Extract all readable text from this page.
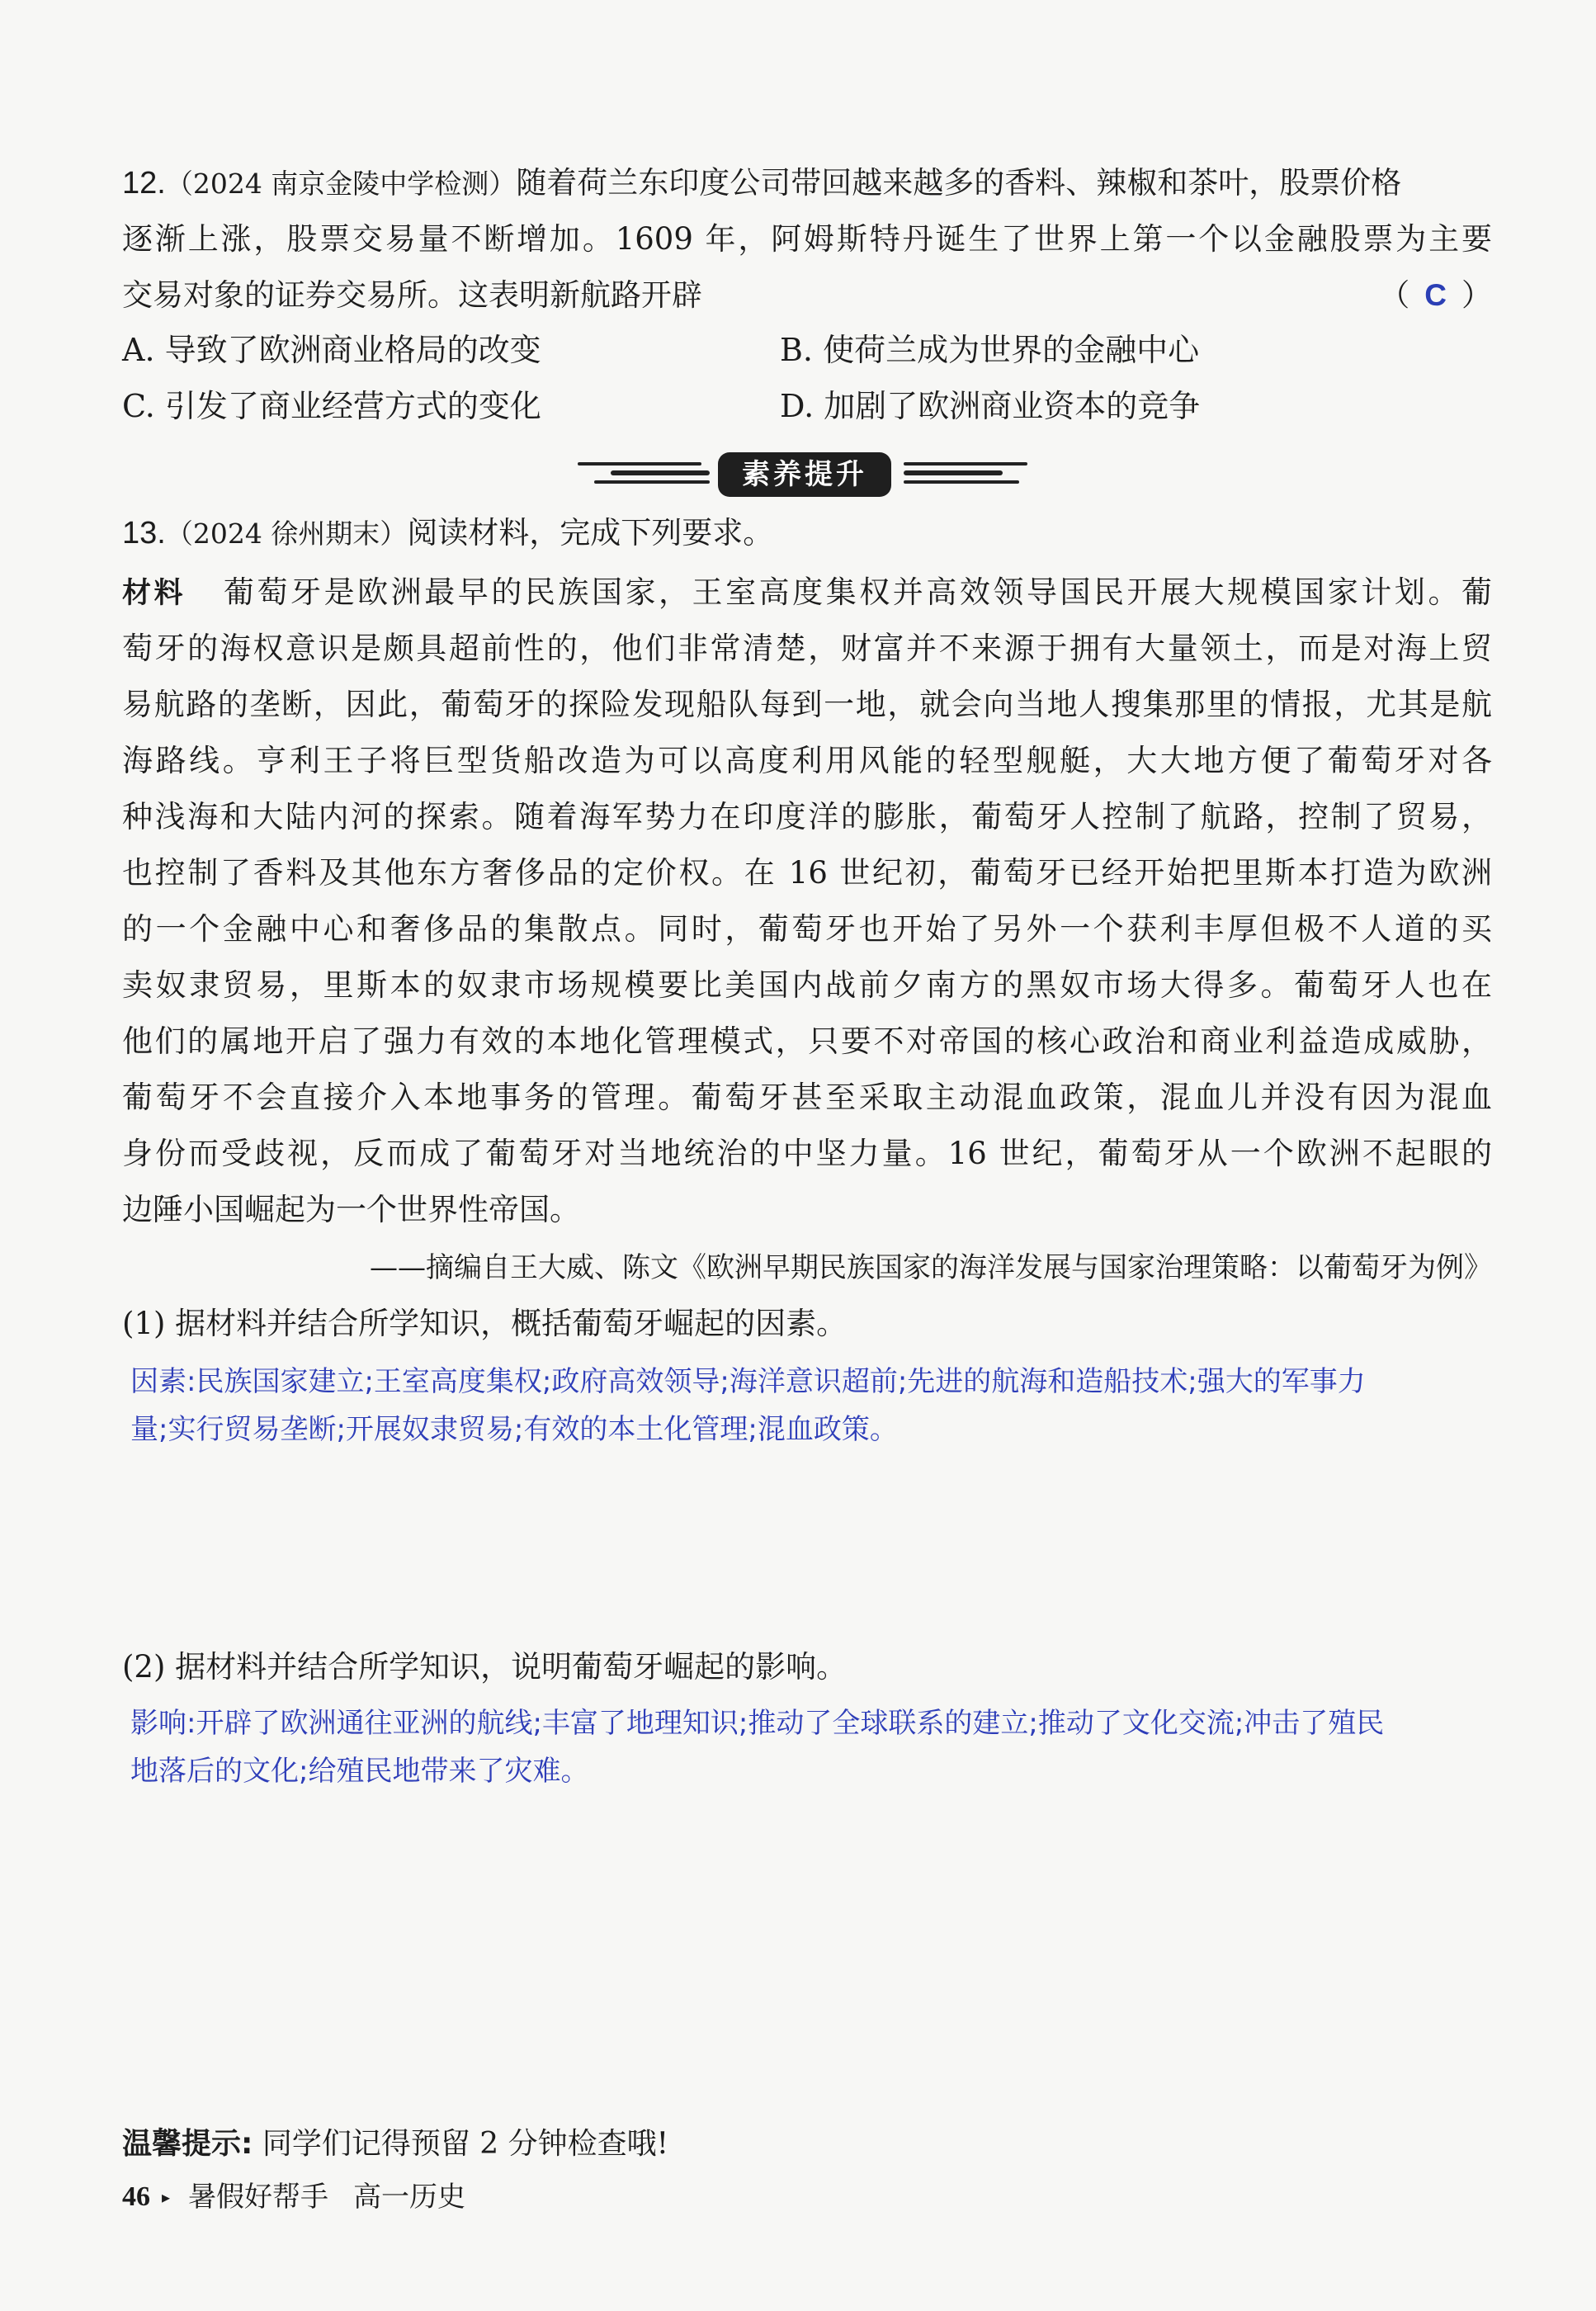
12.（2024 南京金陵中学检测）随着荷兰东印度公司带回越来越多的香料、辣椒和茶叶，股票价格
逐渐上涨，股票交易量不断增加。1609 年，阿姆斯特丹诞生了世界上第一个以金融股票为主要
交易对象的证券交易所。这表明新航路开辟	（ C ）
A. 导致了欧洲商业格局的改变	B. 使荷兰成为世界的金融中心
C. 引发了商业经营方式的变化	D. 加剧了欧洲商业资本的竞争
素养提升
13.（2024 徐州期末）阅读材料，完成下列要求。
材料 葡萄牙是欧洲最早的民族国家，王室高度集权并高效领导国民开展大规模国家计划。葡
萄牙的海权意识是颇具超前性的，他们非常清楚，财富并不来源于拥有大量领土，而是对海上贸
易航路的垄断，因此，葡萄牙的探险发现船队每到一地，就会向当地人搜集那里的情报，尤其是航
海路线。亨利王子将巨型货船改造为可以高度利用风能的轻型舰艇，大大地方便了葡萄牙对各
种浅海和大陆内河的探索。随着海军势力在印度洋的膨胀，葡萄牙人控制了航路，控制了贸易，
也控制了香料及其他东方奢侈品的定价权。在 16 世纪初，葡萄牙已经开始把里斯本打造为欧洲
的一个金融中心和奢侈品的集散点。同时，葡萄牙也开始了另外一个获利丰厚但极不人道的买
卖奴隶贸易，里斯本的奴隶市场规模要比美国内战前夕南方的黑奴市场大得多。葡萄牙人也在
他们的属地开启了强力有效的本地化管理模式，只要不对帝国的核心政治和商业利益造成威胁，
葡萄牙不会直接介入本地事务的管理。葡萄牙甚至采取主动混血政策，混血儿并没有因为混血
身份而受歧视，反而成了葡萄牙对当地统治的中坚力量。16 世纪，葡萄牙从一个欧洲不起眼的
边陲小国崛起为一个世界性帝国。
——摘编自王大威、陈文《欧洲早期民族国家的海洋发展与国家治理策略：以葡萄牙为例》
(1) 据材料并结合所学知识，概括葡萄牙崛起的因素。
因素:民族国家建立;王室高度集权;政府高效领导;海洋意识超前;先进的航海和造船技术;强大的军事力
量;实行贸易垄断;开展奴隶贸易;有效的本土化管理;混血政策。
(2) 据材料并结合所学知识，说明葡萄牙崛起的影响。
影响:开辟了欧洲通往亚洲的航线;丰富了地理知识;推动了全球联系的建立;推动了文化交流;冲击了殖民
地落后的文化;给殖民地带来了灾难。
温馨提示: 同学们记得预留 2 分钟检查哦!
46 ▸ 暑假好帮手 高一历史
